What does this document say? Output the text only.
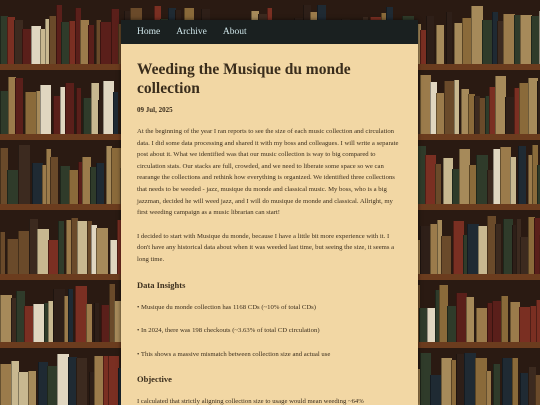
Home Archive About
Weeding the Musique du monde collection
09 Jul, 2025
At the beginning of the year I ran reports to see the size of each music collection and circulation data. I did some data processing and shared it with my boss and colleagues. I will write a separate post about it. What we identified was that our music collection is way to big compared to circulation stats. Our stacks are full, crowded, and we need to liberate some space so we can rearange the collections and rethink how everything is organized. We identified three collections that needs to be weeded - jazz, musique du monde and classical music. My boss, who is a big jazzman, decided he will weed jazz, and I will do musique de monde and classical. Allright, my first weeding campaign as a music librarian can start!
I decided to start with Musique du monde, because I have a little bit more experience with it. I don't have any historical data about when it was weeded last time, but seeing the size, it seems a long time.
Data Insights
• Musique du monde collection has 1168 CDs (~10% of total CDs)
• In 2024, there was 198 checkouts (~3.63% of total CD circulation)
• This shows a massive mismatch between collection size and actual use
Objective
I calculated that strictly aligning collection size to usage would mean weeding ~64%
